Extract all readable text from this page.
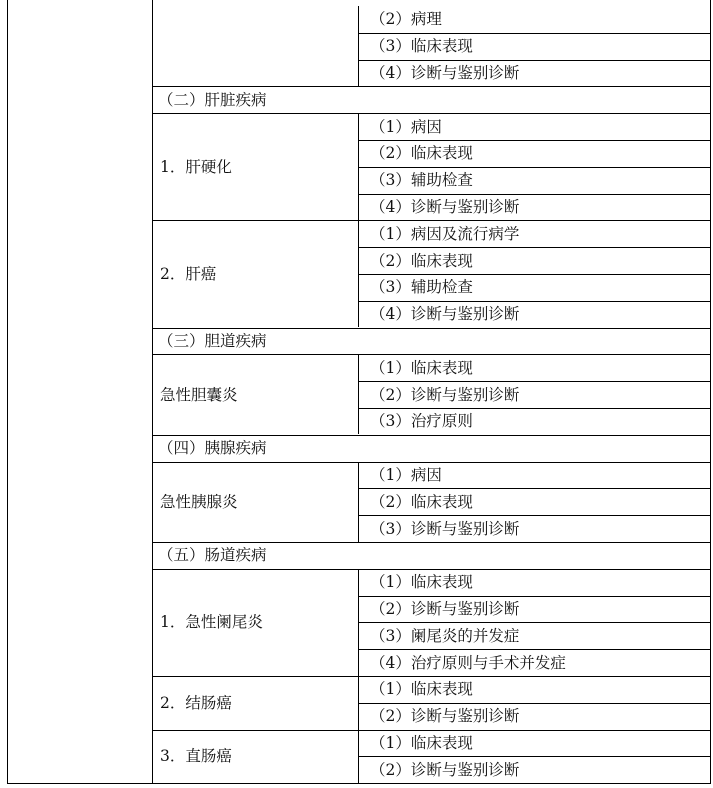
（2）病理
（3）临床表现
（4）诊断与鉴别诊断
（二）肝脏疾病
1．肝硬化
（1）病因
（2）临床表现
（3）辅助检查
（4）诊断与鉴别诊断
2．肝癌
（1）病因及流行病学
（2）临床表现
（3）辅助检查
（4）诊断与鉴别诊断
（三）胆道疾病
急性胆囊炎
（1）临床表现
（2）诊断与鉴别诊断
（3）治疗原则
（四）胰腺疾病
急性胰腺炎
（1）病因
（2）临床表现
（3）诊断与鉴别诊断
（五）肠道疾病
1．急性阑尾炎
（1）临床表现
（2）诊断与鉴别诊断
（3）阑尾炎的并发症
（4）治疗原则与手术并发症
2．结肠癌
（1）临床表现
（2）诊断与鉴别诊断
3．直肠癌
（1）临床表现
（2）诊断与鉴别诊断
